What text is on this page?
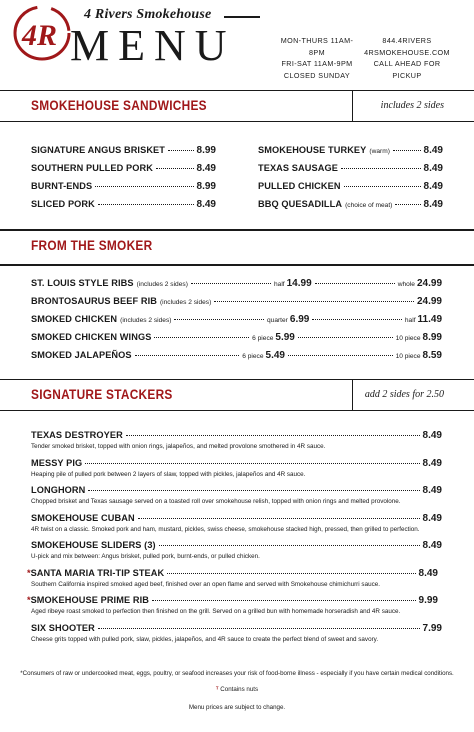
4R
4 Rivers Smokehouse
MENU	MON-THURS 11AM-8PM
FRI-SAT 11AM-9PM
CLOSED SUNDAY
844.4RIVERS
4RSMOKEHOUSE.COM
CALL AHEAD FOR PICKUP
SMOKEHOUSE SANDWICHES	includes 2 sides
SIGNATURE ANGUS BRISKET	8.99
SOUTHERN PULLED PORK	8.49
BURNT-ENDS	8.99
SLICED PORK	8.49
SMOKEHOUSE TURKEY (warm)	8.49
TEXAS SAUSAGE	8.49
PULLED CHICKEN	8.49
BBQ QUESADILLA (choice of meat)	8.49
FROM THE SMOKER
ST. LOUIS STYLE RIBS (includes 2 sides)	half 14.99	whole 24.99
BRONTOSAURUS BEEF RIB (includes 2 sides)	24.99
SMOKED CHICKEN (includes 2 sides)	quarter 6.99	half 11.49
SMOKED CHICKEN WINGS	6 piece 5.99	10 piece 8.99
SMOKED JALAPEÑOS	6 piece 5.49	10 piece 8.59
SIGNATURE STACKERS	add 2 sides for 2.50
TEXAS DESTROYER	8.49
Tender smoked brisket, topped with onion rings, jalapeños, and melted provolone smothered in 4R sauce.
MESSY PIG	8.49
Heaping pile of pulled pork between 2 layers of slaw, topped with pickles, jalapeños and 4R sauce.
LONGHORN	8.49
Chopped brisket and Texas sausage served on a toasted roll over smokehouse relish, topped with onion rings and melted provolone.
SMOKEHOUSE CUBAN	8.49
4R twist on a classic. Smoked pork and ham, mustard, pickles, swiss cheese, smokehouse stacked high, pressed, then grilled to perfection.
SMOKEHOUSE SLIDERS (3)	8.49
U-pick and mix between: Angus brisket, pulled pork, burnt-ends, or pulled chicken.
* SANTA MARIA TRI-TIP STEAK	8.49
Southern California inspired smoked aged beef, finished over an open flame and served with Smokehouse chimichurri sauce.
* SMOKEHOUSE PRIME RIB	9.99
Aged ribeye roast smoked to perfection then finished on the grill. Served on a grilled bun with homemade horseradish and 4R sauce.
SIX SHOOTER	7.99
Cheese grits topped with pulled pork, slaw, pickles, jalapeños, and 4R sauce to create the perfect blend of sweet and savory.
*Consumers of raw or undercooked meat, eggs, poultry, or seafood increases your risk of food-borne illness - especially if you have certain medical conditions.
ᵀ Contains nuts
Menu prices are subject to change.
